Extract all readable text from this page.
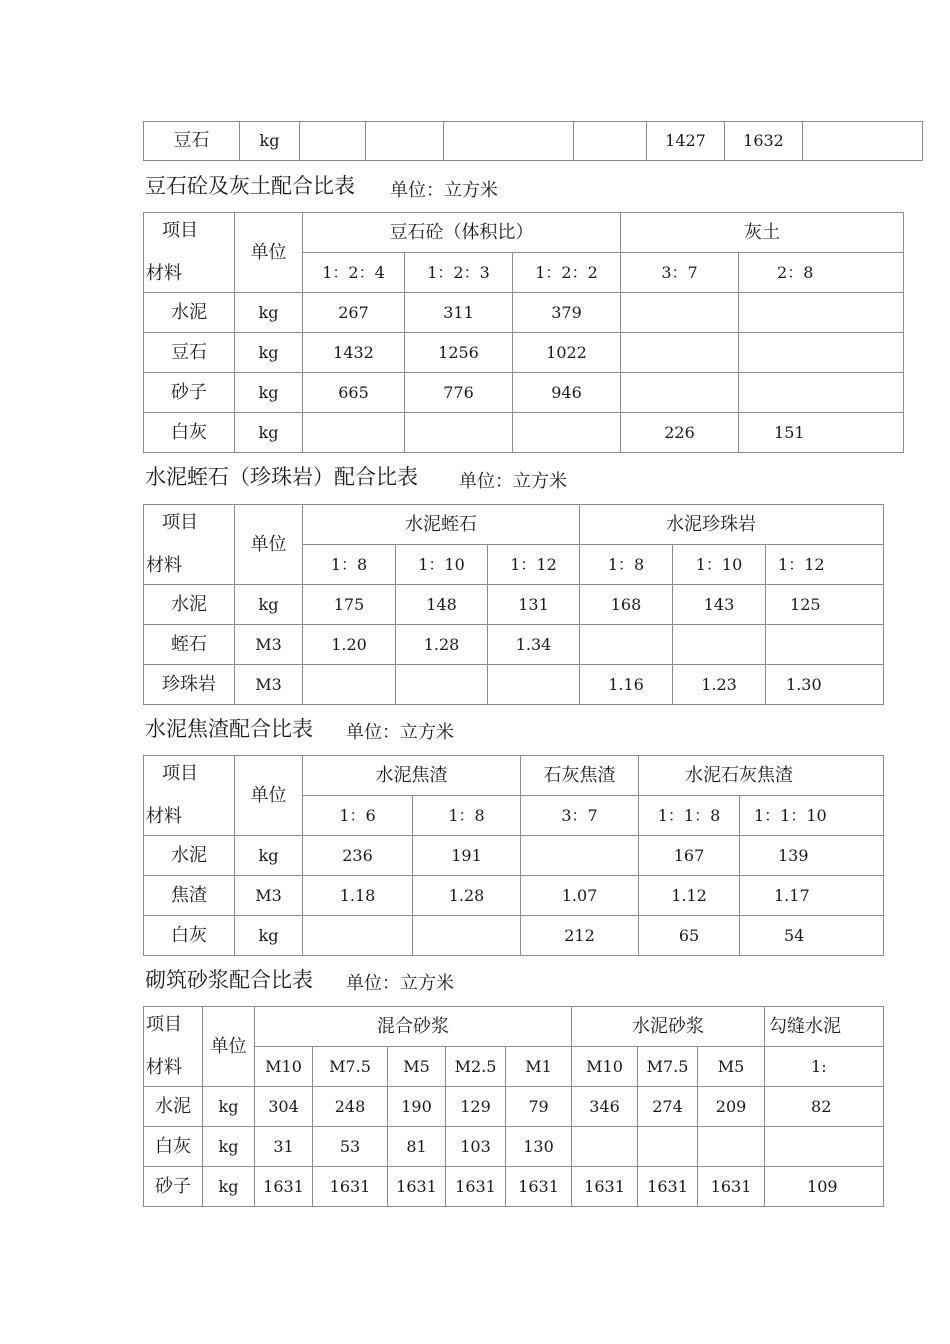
豆石	kg					1427	1632	
豆石砼及灰土配合比表 单位：立方米
项目
材料	单位	豆石砼（体积比）			灰土	
		1：2：4	1：2：3	1：2：2	3：7	2：8
水泥	kg	267	311	379		
豆石	kg	1432	1256	1022		
砂子	kg	665	776	946		
白灰	kg				226	151
水泥蛭石（珍珠岩）配合比表 单位：立方米
项目
材料	单位	水泥蛭石			水泥珍珠岩		
		1：8	1：10	1：12	1：8	1：10	1：12
水泥	kg	175	148	131	168	143	125
蛭石	M3	1.20	1.28	1.34			
珍珠岩	M3				1.16	1.23	1.30
水泥焦渣配合比表 单位：立方米
项目
材料	单位	水泥焦渣		石灰焦渣	水泥石灰焦渣	
		1：6	1：8	3：7	1：1：8	1：1：10
水泥	kg	236	191		167	139
焦渣	M3	1.18	1.28	1.07	1.12	1.17
白灰	kg			212	65	54
砌筑砂浆配合比表 单位：立方米
项目
材料	单位	混合砂浆					水泥砂浆			勾缝水泥
		M10	M7.5	M5	M2.5	M1	M10	M7.5	M5	1:
水泥	kg	304	248	190	129	79	346	274	209	82
白灰	kg	31	53	81	103	130				
砂子	kg	1631	1631	1631	1631	1631	1631	1631	1631	109
